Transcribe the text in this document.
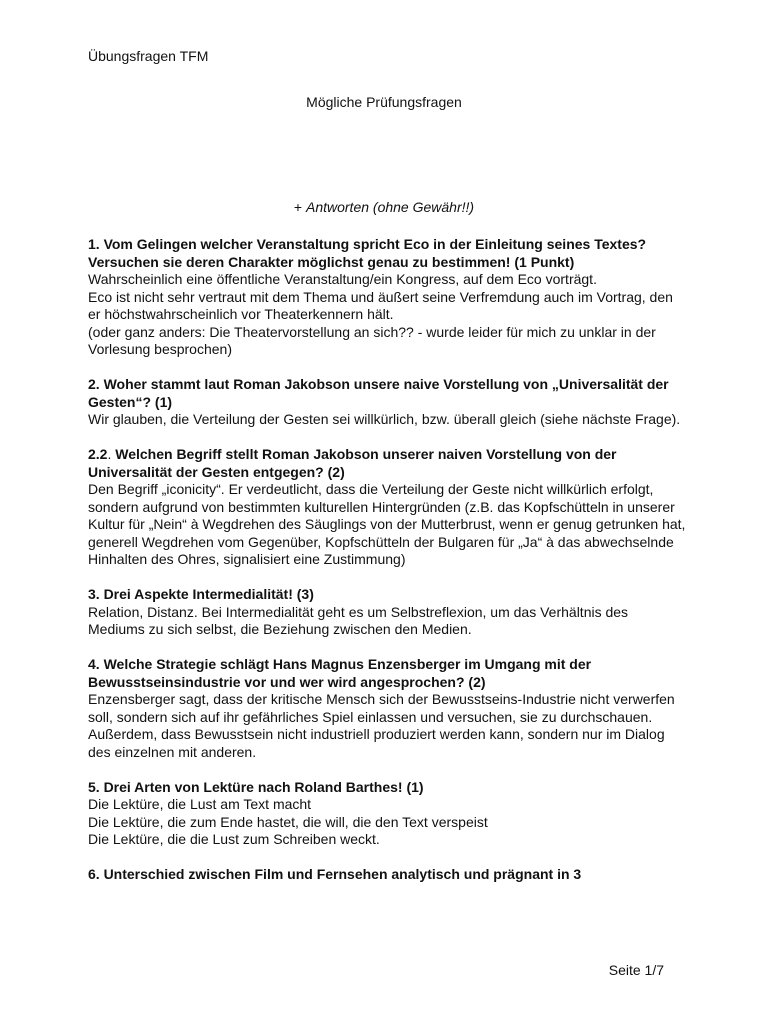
Übungsfragen TFM
Mögliche Prüfungsfragen
+ Antworten (ohne Gewähr!!)

1. Vom Gelingen welcher Veranstaltung spricht Eco in der Einleitung seines Textes? Versuchen sie deren Charakter möglichst genau zu bestimmen! (1 Punkt)

Wahrscheinlich eine öffentliche Veranstaltung/ein Kongress, auf dem Eco vorträgt.

Eco ist nicht sehr vertraut mit dem Thema und äußert seine Verfremdung auch im Vortrag, den er höchstwahrscheinlich vor Theaterkennern hält.

(oder ganz anders: Die Theatervorstellung an sich?? - wurde leider für mich zu unklar in der Vorlesung besprochen)

2. Woher stammt laut Roman Jakobson unsere naive Vorstellung von „Universalität der Gesten“? (1)

Wir glauben, die Verteilung der Gesten sei willkürlich, bzw. überall gleich (siehe nächste Frage).

2.2. Welchen Begriff stellt Roman Jakobson unserer naiven Vorstellung von der Universalität der Gesten entgegen? (2)

Den Begriff „iconicity“. Er verdeutlicht, dass die Verteilung der Geste nicht willkürlich erfolgt, sondern aufgrund von bestimmten kulturellen Hintergründen (z.B. das Kopfschütteln in unserer Kultur für „Nein“ à Wegdrehen des Säuglings von der Mutterbrust, wenn er genug getrunken hat, generell Wegdrehen vom Gegenüber, Kopfschütteln der Bulgaren für „Ja“ à das abwechselnde Hinhalten des Ohres, signalisiert eine Zustimmung)

3. Drei Aspekte Intermedialität! (3)

Relation, Distanz. Bei Intermedialität geht es um Selbstreflexion, um das Verhältnis des Mediums zu sich selbst, die Beziehung zwischen den Medien.

4. Welche Strategie schlägt Hans Magnus Enzensberger im Umgang mit der Bewusstseinsindustrie vor und wer wird angesprochen? (2)

Enzensberger sagt, dass der kritische Mensch sich der Bewusstseins-Industrie nicht verwerfen soll, sondern sich auf ihr gefährliches Spiel einlassen und versuchen, sie zu durchschauen.

Außerdem, dass Bewusstsein nicht industriell produziert werden kann, sondern nur im Dialog des einzelnen mit anderen.

5. Drei Arten von Lektüre nach Roland Barthes! (1)

Die Lektüre, die Lust am Text macht

Die Lektüre, die zum Ende hastet, die will, die den Text verspeist

Die Lektüre, die die Lust zum Schreiben weckt.

6. Unterschied zwischen Film und Fernsehen analytisch und prägnant in 3

Seite 1/7
